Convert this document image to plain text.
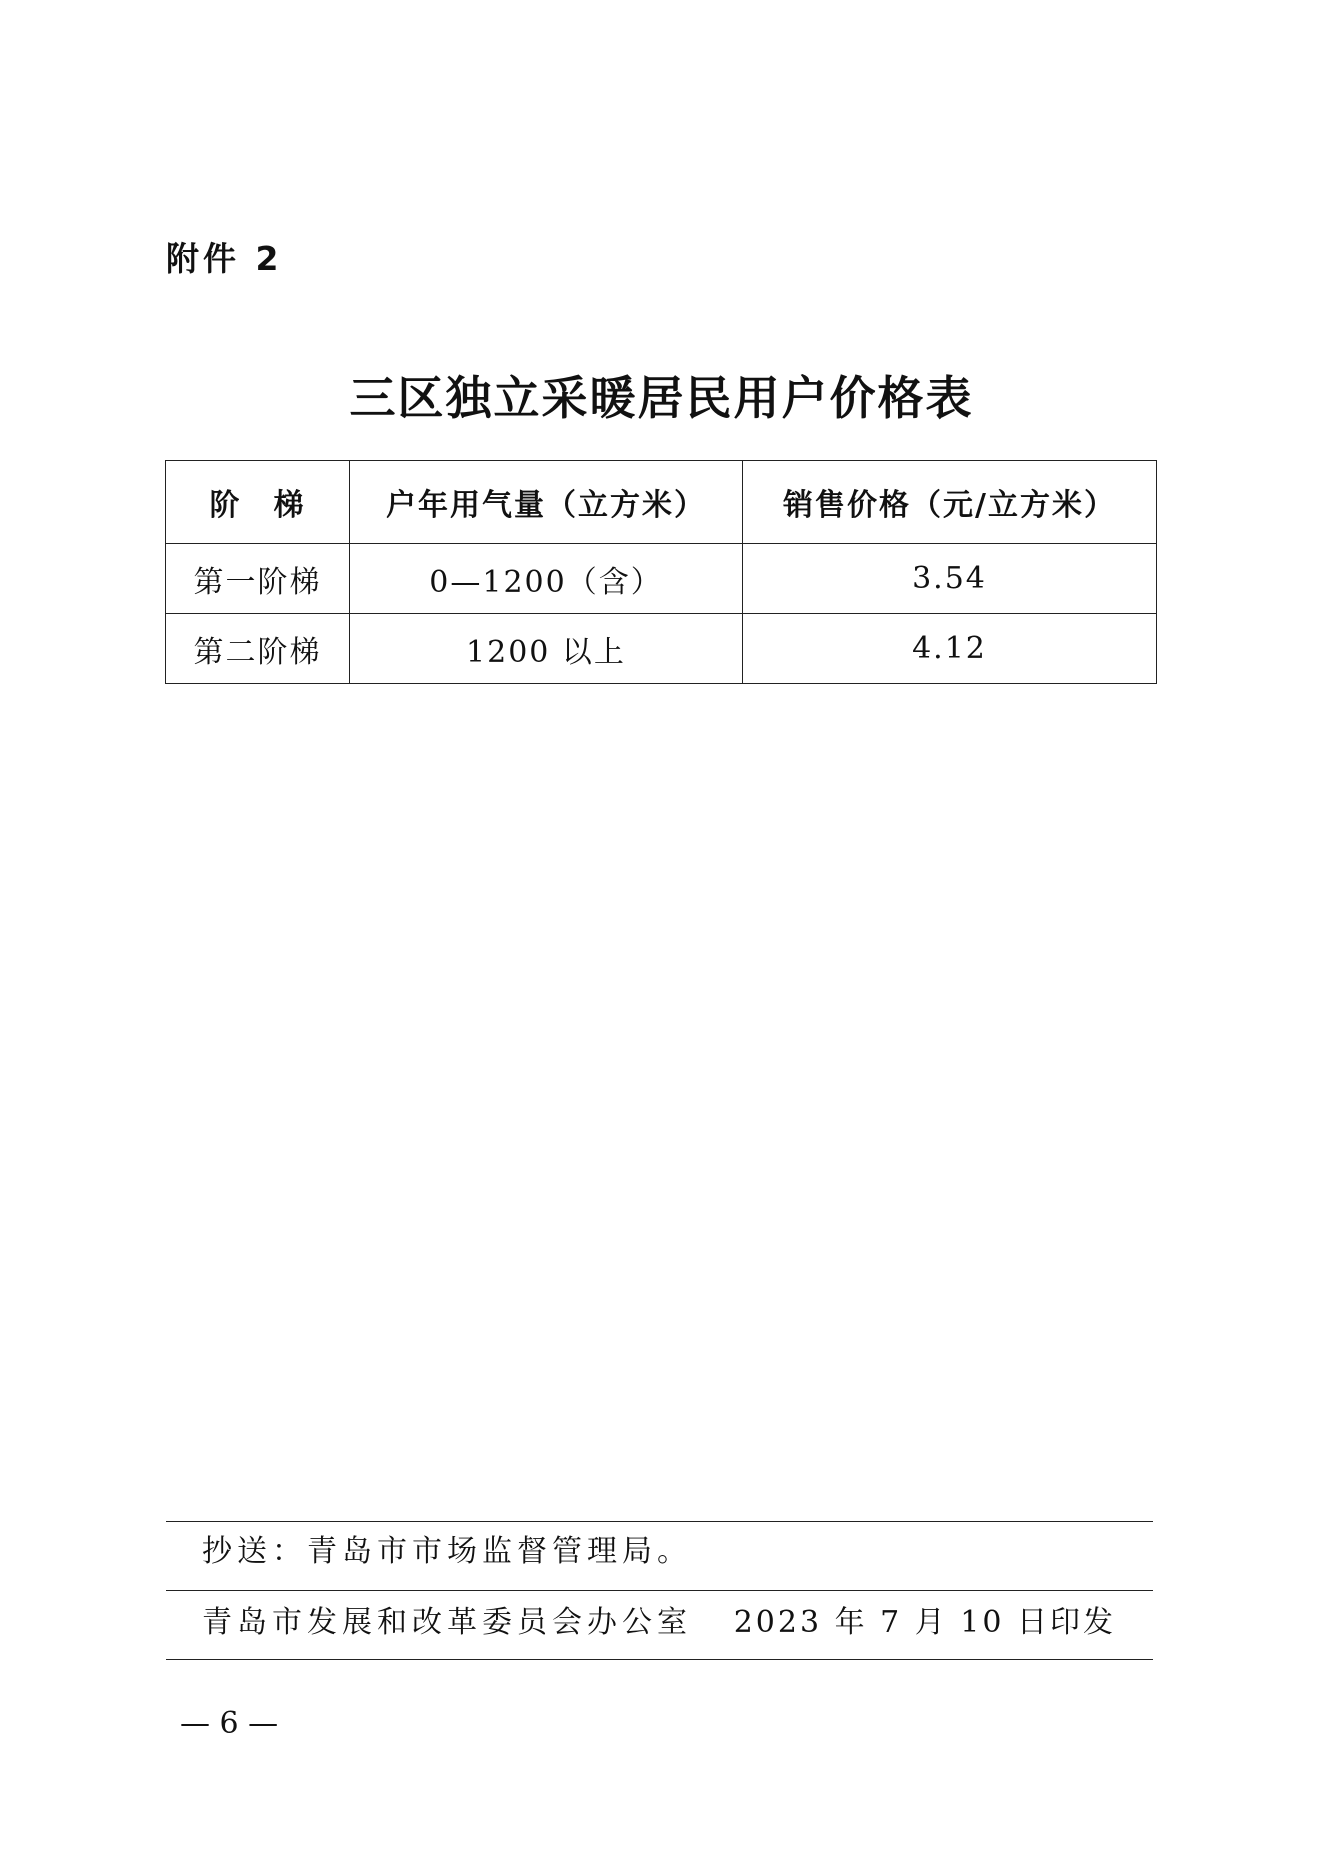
附件 2
三区独立采暖居民用户价格表
阶　梯	户年用气量（立方米）	销售价格（元/立方米）
第一阶梯	0—1200（含）	3.54
第二阶梯	1200 以上	4.12
抄送：青岛市市场监督管理局。
青岛市发展和改革委员会办公室 2023 年 7 月 10 日印发
— 6 —
